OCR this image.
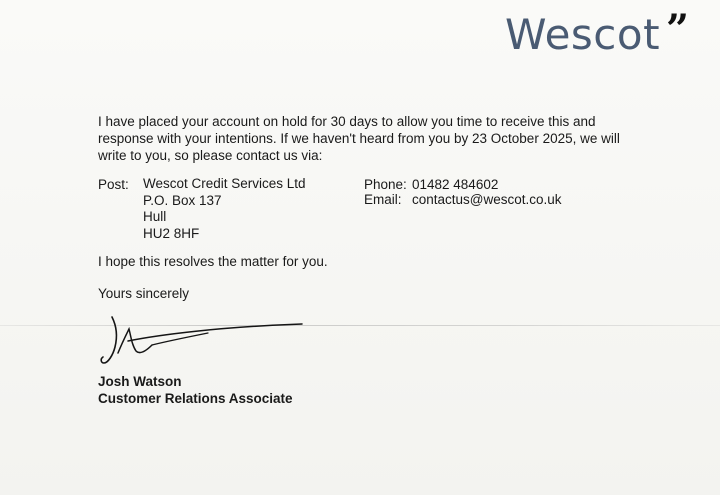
Wescot ”
I have placed your account on hold for 30 days to allow you time to receive this and
response with your intentions. If we haven't heard from you by 23 October 2025, we will
write to you, so please contact us via:
Post: Wescot Credit Services Ltd
P.O. Box 137
Hull
HU2 8HF
Phone: 01482 484602
Email: contactus@wescot.co.uk
I hope this resolves the matter for you.
Yours sincerely
Josh Watson
Customer Relations Associate
